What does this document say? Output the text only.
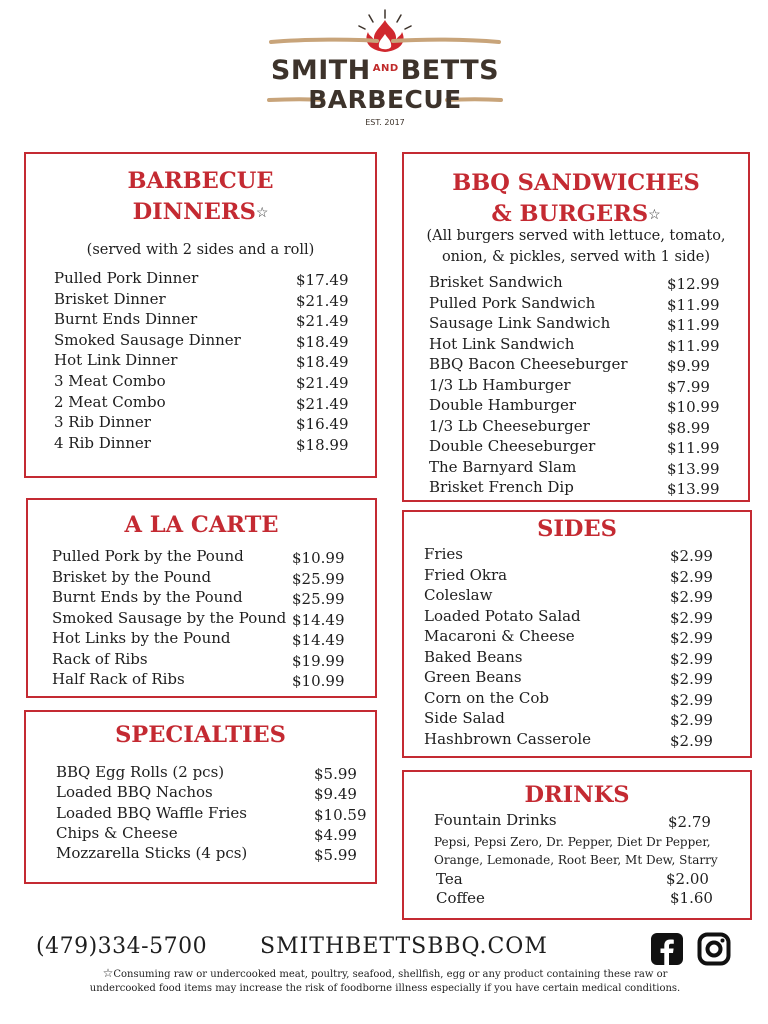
SMITH $^{AND}$BETTS
BARBECUE
EST. 2017
BARBECUE
DINNERS☆
(served with 2 sides and a roll)
Pulled Pork Dinner	$17.49
Brisket Dinner	$21.49
Burnt Ends Dinner	$21.49
Smoked Sausage Dinner	$18.49
Hot Link Dinner	$18.49
3 Meat Combo	$21.49
2 Meat Combo	$21.49
3 Rib Dinner	$16.49
4 Rib Dinner	$18.99
BBQ SANDWICHES
& BURGERS☆
(All burgers served with lettuce, tomato,
onion, & pickles, served with 1 side)
Brisket Sandwich	$12.99
Pulled Pork Sandwich	$11.99
Sausage Link Sandwich	$11.99
Hot Link Sandwich	$11.99
BBQ Bacon Cheeseburger	$9.99
1/3 Lb Hamburger	$7.99
Double Hamburger	$10.99
1/3 Lb Cheeseburger	$8.99
Double Cheeseburger	$11.99
The Barnyard Slam	$13.99
Brisket French Dip	$13.99
A LA CARTE
Pulled Pork by the Pound	$10.99
Brisket by the Pound	$25.99
Burnt Ends by the Pound	$25.99
Smoked Sausage by the Pound $14.49
Hot Links by the Pound	$14.49
Rack of Ribs	$19.99
Half Rack of Ribs	$10.99
SIDES
Fries	$2.99
Fried Okra	$2.99
Coleslaw	$2.99
Loaded Potato Salad	$2.99
Macaroni & Cheese	$2.99
Baked Beans	$2.99
Green Beans	$2.99
Corn on the Cob	$2.99
Side Salad	$2.99
Hashbrown Casserole	$2.99
SPECIALTIES
BBQ Egg Rolls (2 pcs)	$5.99
Loaded BBQ Nachos	$9.49
Loaded BBQ Waffle Fries	$10.59
Chips & Cheese	$4.99
Mozzarella Sticks (4 pcs)	$5.99
DRINKS
Fountain Drinks	$2.79
Pepsi, Pepsi Zero, Dr. Pepper, Diet Dr Pepper,
Orange, Lemonade, Root Beer, Mt Dew, Starry
Tea	$2.00
Coffee	$1.60
(479)334-5700 SMITHBETTSBBQ.COM
☆Consuming raw or undercooked meat, poultry, seafood, shellfish, egg or any product containing these raw or
undercooked food items may increase the risk of foodborne illness especially if you have certain medical conditions.
